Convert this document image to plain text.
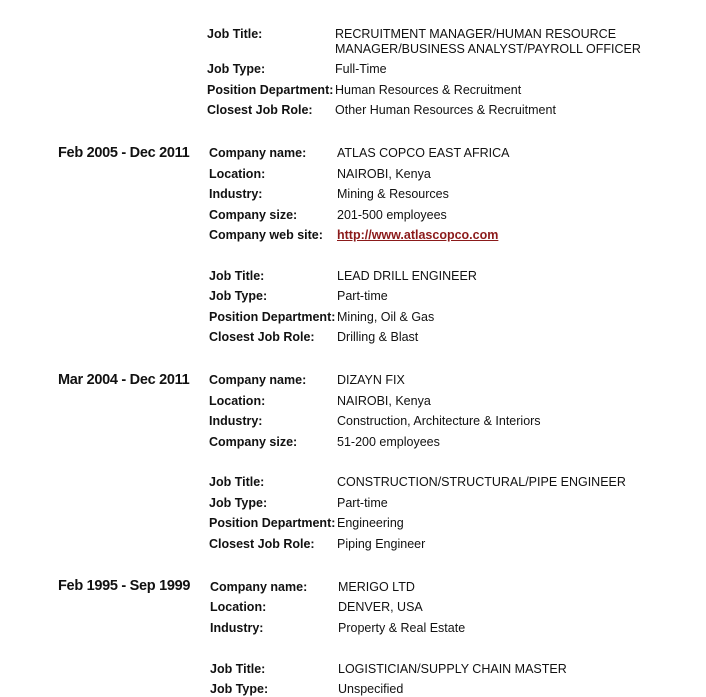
Job Title:	RECRUITMENT MANAGER/HUMAN RESOURCE MANAGER/BUSINESS ANALYST/PAYROLL OFFICER
Job Type:	Full-Time
Position Department: Human Resources & Recruitment
Closest Job Role: Other Human Resources & Recruitment
Feb 2005 - Dec 2011 Company name: ATLAS COPCO EAST AFRICA
Location:	NAIROBI, Kenya
Industry:	Mining & Resources
Company size:	201-500 employees
Company web site: http://www.atlascopco.com
Job Title:	LEAD DRILL ENGINEER
Job Type:	Part-time
Position Department: Mining, Oil & Gas
Closest Job Role: Drilling & Blast
Mar 2004 - Dec 2011 Company name: DIZAYN FIX
Location:	NAIROBI, Kenya
Industry:	Construction, Architecture & Interiors
Company size:	51-200 employees
Job Title:	CONSTRUCTION/STRUCTURAL/PIPE ENGINEER
Job Type:	Part-time
Position Department: Engineering
Closest Job Role: Piping Engineer
Feb 1995 - Sep 1999 Company name: MERIGO LTD
Location:	DENVER, USA
Industry:	Property & Real Estate
Job Title:	LOGISTICIAN/SUPPLY CHAIN MASTER
Job Type:	Unspecified
